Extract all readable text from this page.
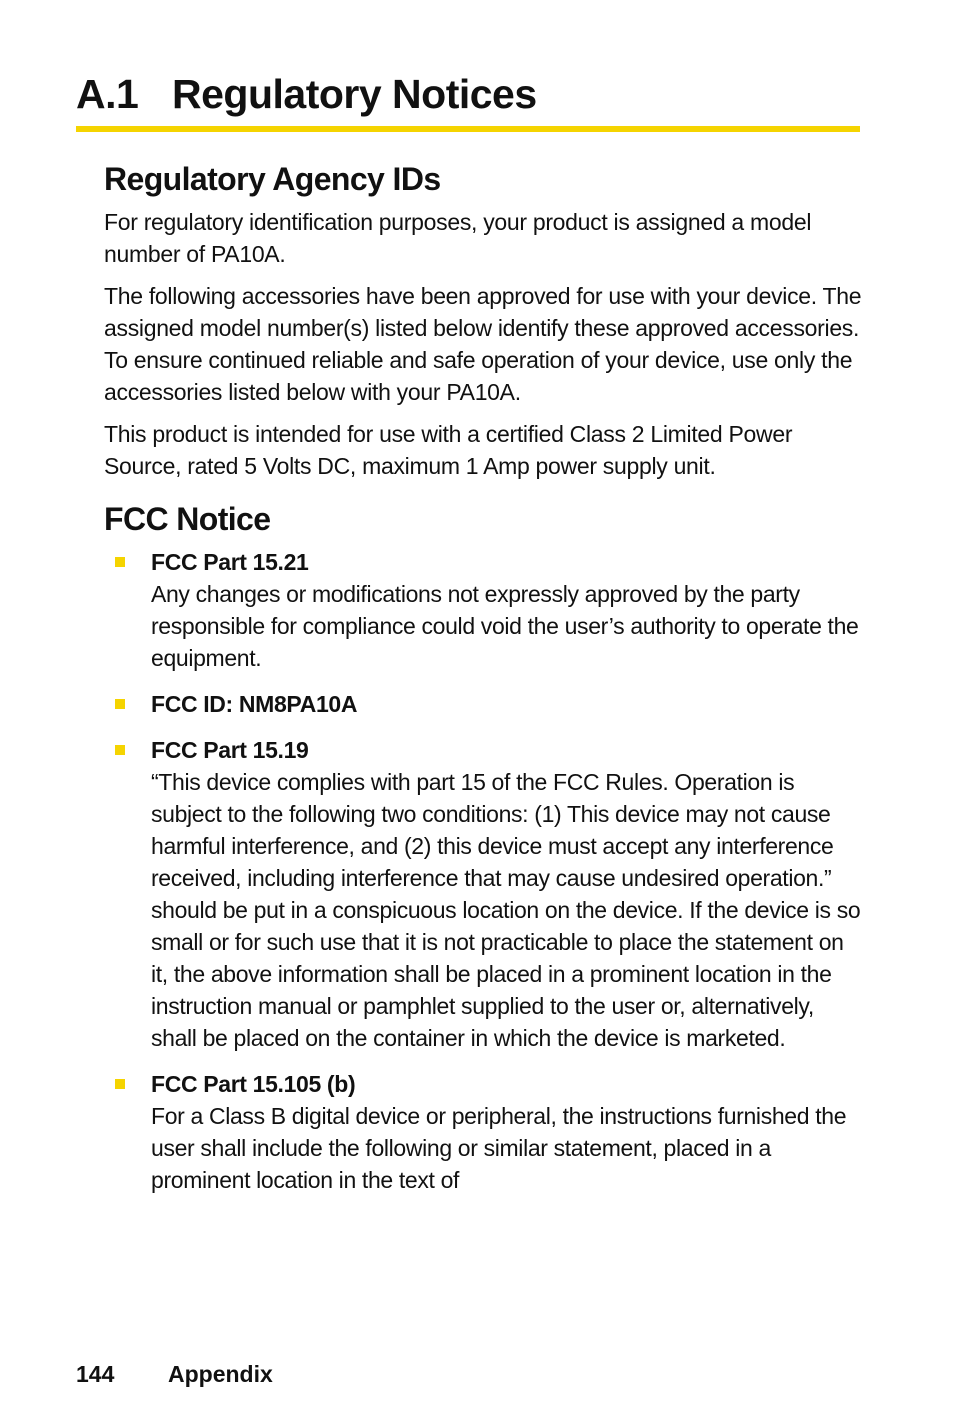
A.1 Regulatory Notices
Regulatory Agency IDs

For regulatory identification purposes, your product is assigned a model number of PA10A.

The following accessories have been approved for use with your device. The assigned model number(s) listed below identify these approved accessories. To ensure continued reliable and safe operation of your device, use only the accessories listed below with your PA10A.

This product is intended for use with a certified Class 2 Limited Power Source, rated 5 Volts DC, maximum 1 Amp power supply unit.

FCC Notice
FCC Part 15.21
Any changes or modifications not expressly approved by the party responsible for compliance could void the user’s authority to operate the equipment.
FCC ID: NM8PA10A
FCC Part 15.19
“This device complies with part 15 of the FCC Rules. Operation is subject to the following two conditions: (1) This device may not cause harmful interference, and (2) this device must accept any interference received, including interference that may cause undesired operation.” should be put in a conspicuous location on the device. If the device is so small or for such use that it is not practicable to place the statement on it, the above information shall be placed in a prominent location in the instruction manual or pamphlet supplied to the user or, alternatively, shall be placed on the container in which the device is marketed.
FCC Part 15.105 (b)
For a Class B digital device or peripheral, the instructions furnished the user shall include the following or similar statement, placed in a prominent location in the text of
144 Appendix
